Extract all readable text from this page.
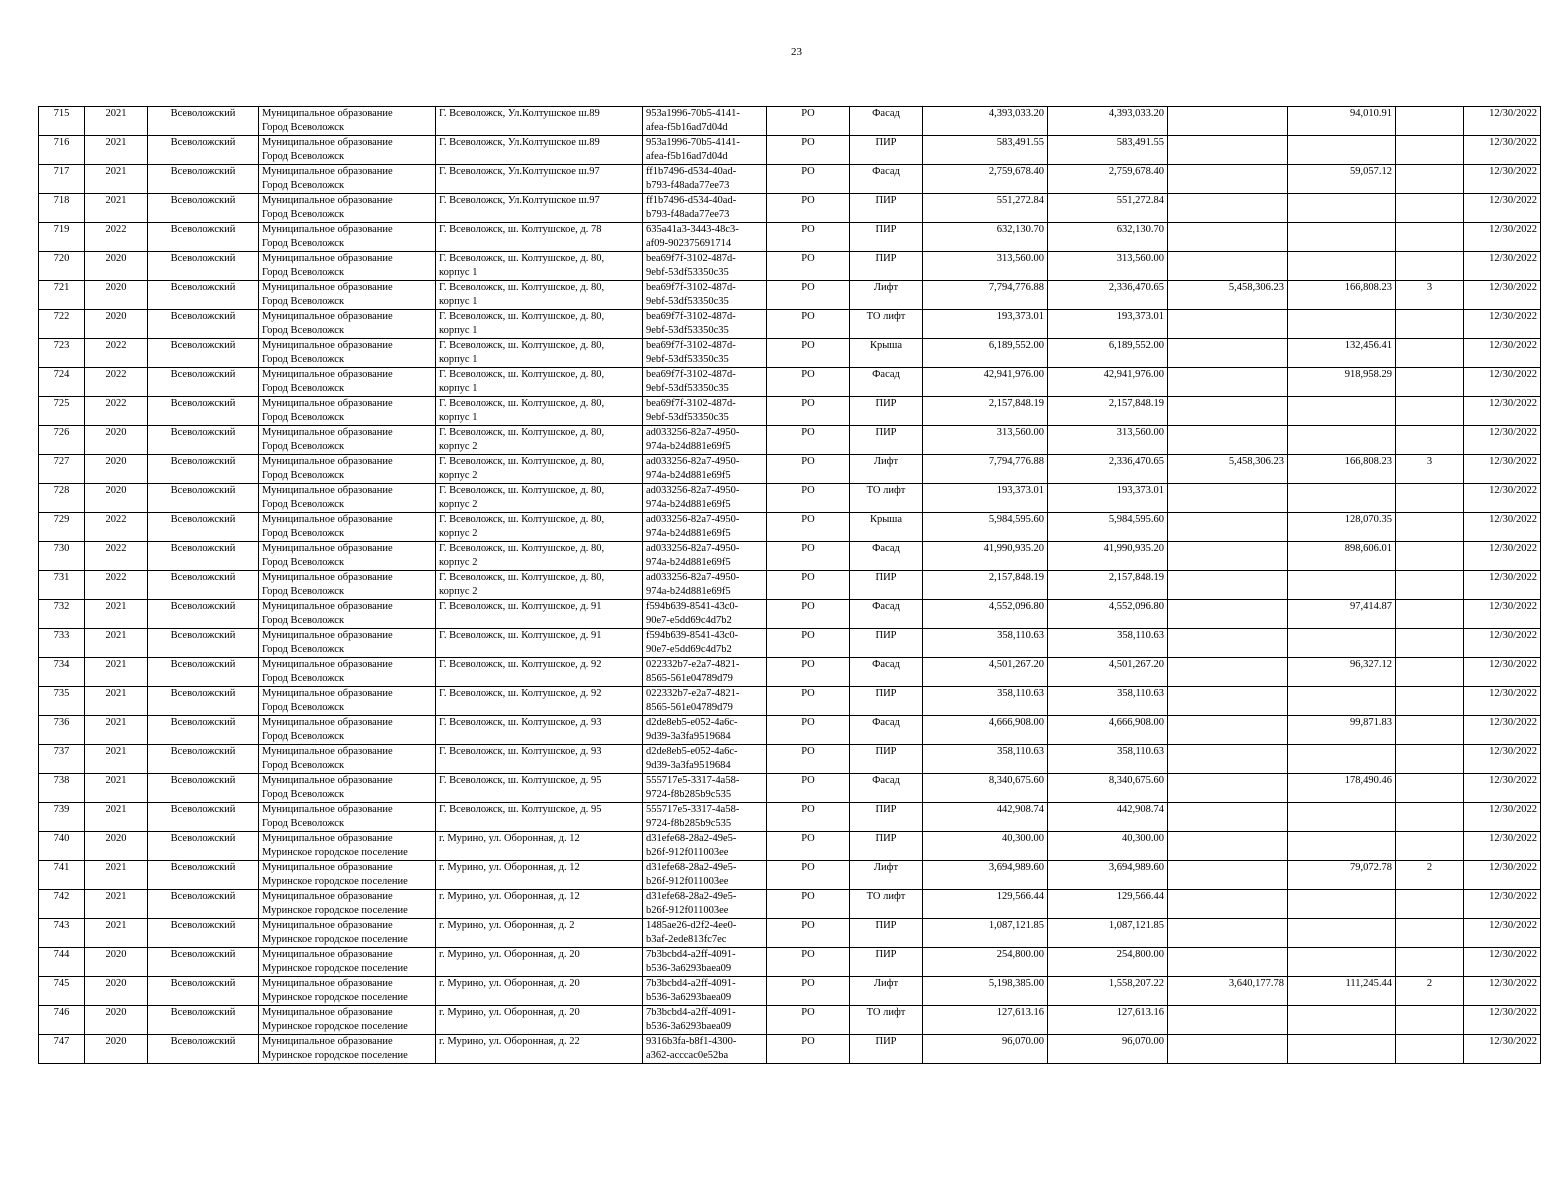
23
715	2021	Всеволожский	Муниципальное образование
Город Всеволожск	Г. Всеволожск, Ул.Колтушское ш.89	953a1996-70b5-4141-
afea-f5b16ad7d04d	РО	Фасад	4,393,033.20	4,393,033.20		94,010.91		12/30/2022
716	2021	Всеволожский	Муниципальное образование
Город Всеволожск	Г. Всеволожск, Ул.Колтушское ш.89	953a1996-70b5-4141-
afea-f5b16ad7d04d	РО	ПИР	583,491.55	583,491.55				12/30/2022
717	2021	Всеволожский	Муниципальное образование
Город Всеволожск	Г. Всеволожск, Ул.Колтушское ш.97	ff1b7496-d534-40ad-
b793-f48ada77ee73	РО	Фасад	2,759,678.40	2,759,678.40		59,057.12		12/30/2022
718	2021	Всеволожский	Муниципальное образование
Город Всеволожск	Г. Всеволожск, Ул.Колтушское ш.97	ff1b7496-d534-40ad-
b793-f48ada77ee73	РО	ПИР	551,272.84	551,272.84				12/30/2022
719	2022	Всеволожский	Муниципальное образование
Город Всеволожск	Г. Всеволожск, ш. Колтушское, д. 78	635a41a3-3443-48c3-
af09-902375691714	РО	ПИР	632,130.70	632,130.70				12/30/2022
720	2020	Всеволожский	Муниципальное образование
Город Всеволожск	Г. Всеволожск, ш. Колтушское, д. 80,
корпус 1	bea69f7f-3102-487d-
9ebf-53df53350c35	РО	ПИР	313,560.00	313,560.00				12/30/2022
721	2020	Всеволожский	Муниципальное образование
Город Всеволожск	Г. Всеволожск, ш. Колтушское, д. 80,
корпус 1	bea69f7f-3102-487d-
9ebf-53df53350c35	РО	Лифт	7,794,776.88	2,336,470.65	5,458,306.23	166,808.23	3	12/30/2022
722	2020	Всеволожский	Муниципальное образование
Город Всеволожск	Г. Всеволожск, ш. Колтушское, д. 80,
корпус 1	bea69f7f-3102-487d-
9ebf-53df53350c35	РО	ТО лифт	193,373.01	193,373.01				12/30/2022
723	2022	Всеволожский	Муниципальное образование
Город Всеволожск	Г. Всеволожск, ш. Колтушское, д. 80,
корпус 1	bea69f7f-3102-487d-
9ebf-53df53350c35	РО	Крыша	6,189,552.00	6,189,552.00		132,456.41		12/30/2022
724	2022	Всеволожский	Муниципальное образование
Город Всеволожск	Г. Всеволожск, ш. Колтушское, д. 80,
корпус 1	bea69f7f-3102-487d-
9ebf-53df53350c35	РО	Фасад	42,941,976.00	42,941,976.00		918,958.29		12/30/2022
725	2022	Всеволожский	Муниципальное образование
Город Всеволожск	Г. Всеволожск, ш. Колтушское, д. 80,
корпус 1	bea69f7f-3102-487d-
9ebf-53df53350c35	РО	ПИР	2,157,848.19	2,157,848.19				12/30/2022
726	2020	Всеволожский	Муниципальное образование
Город Всеволожск	Г. Всеволожск, ш. Колтушское, д. 80,
корпус 2	ad033256-82a7-4950-
974a-b24d881e69f5	РО	ПИР	313,560.00	313,560.00				12/30/2022
727	2020	Всеволожский	Муниципальное образование
Город Всеволожск	Г. Всеволожск, ш. Колтушское, д. 80,
корпус 2	ad033256-82a7-4950-
974a-b24d881e69f5	РО	Лифт	7,794,776.88	2,336,470.65	5,458,306.23	166,808.23	3	12/30/2022
728	2020	Всеволожский	Муниципальное образование
Город Всеволожск	Г. Всеволожск, ш. Колтушское, д. 80,
корпус 2	ad033256-82a7-4950-
974a-b24d881e69f5	РО	ТО лифт	193,373.01	193,373.01				12/30/2022
729	2022	Всеволожский	Муниципальное образование
Город Всеволожск	Г. Всеволожск, ш. Колтушское, д. 80,
корпус 2	ad033256-82a7-4950-
974a-b24d881e69f5	РО	Крыша	5,984,595.60	5,984,595.60		128,070.35		12/30/2022
730	2022	Всеволожский	Муниципальное образование
Город Всеволожск	Г. Всеволожск, ш. Колтушское, д. 80,
корпус 2	ad033256-82a7-4950-
974a-b24d881e69f5	РО	Фасад	41,990,935.20	41,990,935.20		898,606.01		12/30/2022
731	2022	Всеволожский	Муниципальное образование
Город Всеволожск	Г. Всеволожск, ш. Колтушское, д. 80,
корпус 2	ad033256-82a7-4950-
974a-b24d881e69f5	РО	ПИР	2,157,848.19	2,157,848.19				12/30/2022
732	2021	Всеволожский	Муниципальное образование
Город Всеволожск	Г. Всеволожск, ш. Колтушское, д. 91	f594b639-8541-43c0-
90e7-e5dd69c4d7b2	РО	Фасад	4,552,096.80	4,552,096.80		97,414.87		12/30/2022
733	2021	Всеволожский	Муниципальное образование
Город Всеволожск	Г. Всеволожск, ш. Колтушское, д. 91	f594b639-8541-43c0-
90e7-e5dd69c4d7b2	РО	ПИР	358,110.63	358,110.63				12/30/2022
734	2021	Всеволожский	Муниципальное образование
Город Всеволожск	Г. Всеволожск, ш. Колтушское, д. 92	022332b7-e2a7-4821-
8565-561e04789d79	РО	Фасад	4,501,267.20	4,501,267.20		96,327.12		12/30/2022
735	2021	Всеволожский	Муниципальное образование
Город Всеволожск	Г. Всеволожск, ш. Колтушское, д. 92	022332b7-e2a7-4821-
8565-561e04789d79	РО	ПИР	358,110.63	358,110.63				12/30/2022
736	2021	Всеволожский	Муниципальное образование
Город Всеволожск	Г. Всеволожск, ш. Колтушское, д. 93	d2de8eb5-e052-4a6c-
9d39-3a3fa9519684	РО	Фасад	4,666,908.00	4,666,908.00		99,871.83		12/30/2022
737	2021	Всеволожский	Муниципальное образование
Город Всеволожск	Г. Всеволожск, ш. Колтушское, д. 93	d2de8eb5-e052-4a6c-
9d39-3a3fa9519684	РО	ПИР	358,110.63	358,110.63				12/30/2022
738	2021	Всеволожский	Муниципальное образование
Город Всеволожск	Г. Всеволожск, ш. Колтушское, д. 95	555717e5-3317-4a58-
9724-f8b285b9c535	РО	Фасад	8,340,675.60	8,340,675.60		178,490.46		12/30/2022
739	2021	Всеволожский	Муниципальное образование
Город Всеволожск	Г. Всеволожск, ш. Колтушское, д. 95	555717e5-3317-4a58-
9724-f8b285b9c535	РО	ПИР	442,908.74	442,908.74				12/30/2022
740	2020	Всеволожский	Муниципальное образование
Муринское городское поселение	г. Мурино, ул. Оборонная, д. 12	d31efe68-28a2-49e5-
b26f-912f011003ee	РО	ПИР	40,300.00	40,300.00				12/30/2022
741	2021	Всеволожский	Муниципальное образование
Муринское городское поселение	г. Мурино, ул. Оборонная, д. 12	d31efe68-28a2-49e5-
b26f-912f011003ee	РО	Лифт	3,694,989.60	3,694,989.60		79,072.78	2	12/30/2022
742	2021	Всеволожский	Муниципальное образование
Муринское городское поселение	г. Мурино, ул. Оборонная, д. 12	d31efe68-28a2-49e5-
b26f-912f011003ee	РО	ТО лифт	129,566.44	129,566.44				12/30/2022
743	2021	Всеволожский	Муниципальное образование
Муринское городское поселение	г. Мурино, ул. Оборонная, д. 2	1485ae26-d2f2-4ee0-
b3af-2ede813fc7ec	РО	ПИР	1,087,121.85	1,087,121.85				12/30/2022
744	2020	Всеволожский	Муниципальное образование
Муринское городское поселение	г. Мурино, ул. Оборонная, д. 20	7b3bcbd4-a2ff-4091-
b536-3a6293baea09	РО	ПИР	254,800.00	254,800.00				12/30/2022
745	2020	Всеволожский	Муниципальное образование
Муринское городское поселение	г. Мурино, ул. Оборонная, д. 20	7b3bcbd4-a2ff-4091-
b536-3a6293baea09	РО	Лифт	5,198,385.00	1,558,207.22	3,640,177.78	111,245.44	2	12/30/2022
746	2020	Всеволожский	Муниципальное образование
Муринское городское поселение	г. Мурино, ул. Оборонная, д. 20	7b3bcbd4-a2ff-4091-
b536-3a6293baea09	РО	ТО лифт	127,613.16	127,613.16				12/30/2022
747	2020	Всеволожский	Муниципальное образование
Муринское городское поселение	г. Мурино, ул. Оборонная, д. 22	9316b3fa-b8f1-4300-
a362-acccac0e52ba	РО	ПИР	96,070.00	96,070.00				12/30/2022
